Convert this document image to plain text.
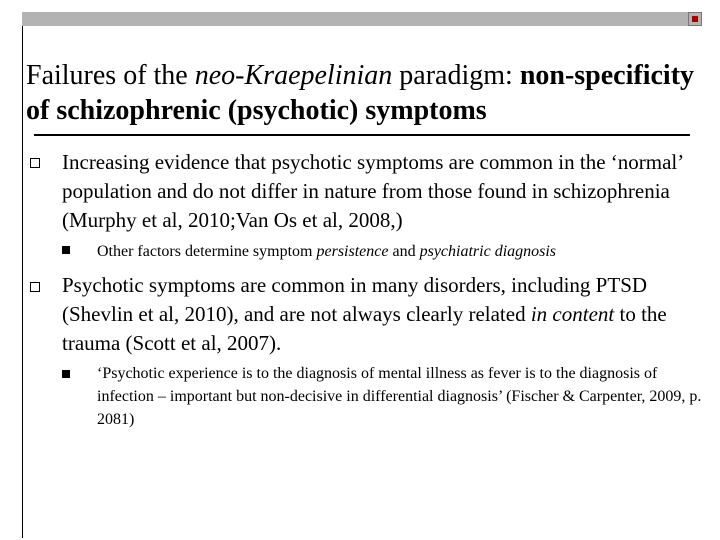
Failures of the neo-Kraepelinian paradigm: non-specificity of schizophrenic (psychotic) symptoms
Increasing evidence that psychotic symptoms are common in the ‘normal’ population and do not differ in nature from those found in schizophrenia (Murphy et al, 2010;Van Os et al, 2008,)
Other factors determine symptom persistence and psychiatric diagnosis
Psychotic symptoms are common in many disorders, including PTSD (Shevlin et al, 2010), and are not always clearly related in content to the trauma (Scott et al, 2007).
‘Psychotic experience is to the diagnosis of mental illness as fever is to the diagnosis of infection – important but non-decisive in differential diagnosis’ (Fischer & Carpenter, 2009, p. 2081)
